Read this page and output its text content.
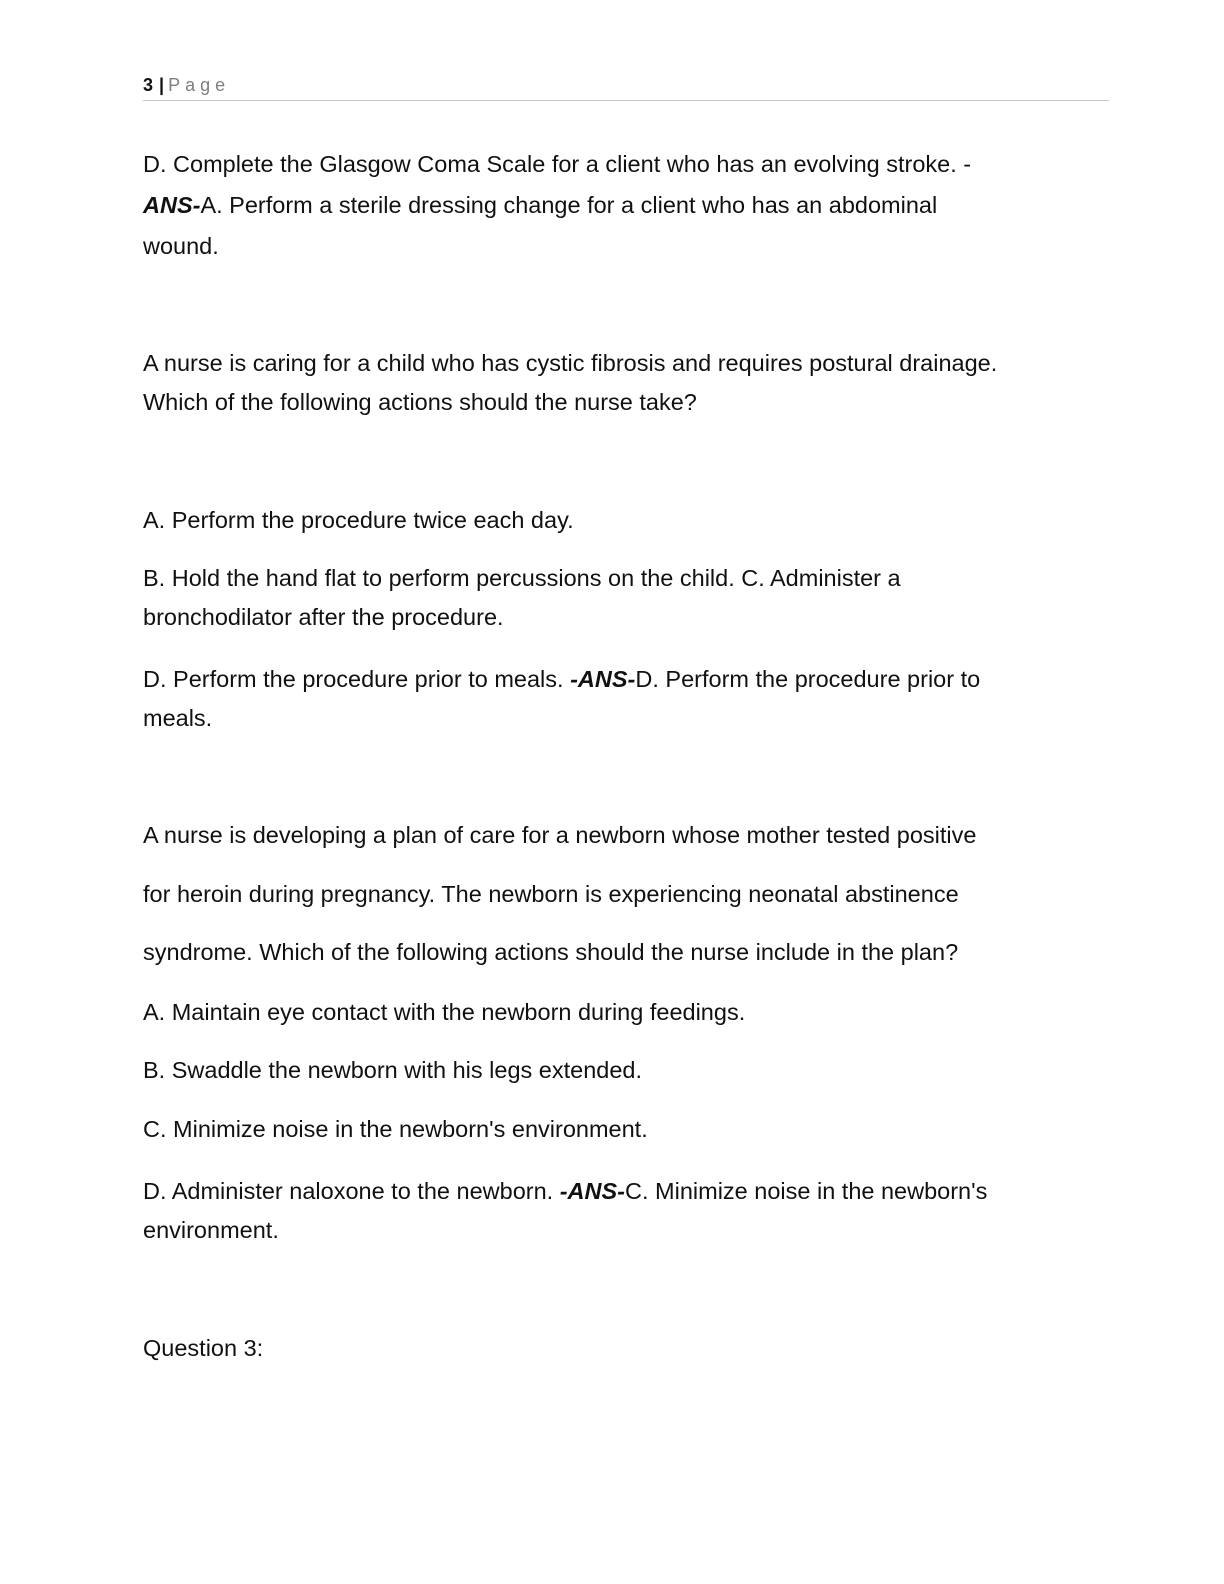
3 | Page
D. Complete the Glasgow Coma Scale for a client who has an evolving stroke. -
ANS-A. Perform a sterile dressing change for a client who has an abdominal
wound.
A nurse is caring for a child who has cystic fibrosis and requires postural drainage.
Which of the following actions should the nurse take?
A. Perform the procedure twice each day.
B. Hold the hand flat to perform percussions on the child. C. Administer a
bronchodilator after the procedure.
D. Perform the procedure prior to meals. -ANS-D. Perform the procedure prior to
meals.
A nurse is developing a plan of care for a newborn whose mother tested positive
for heroin during pregnancy. The newborn is experiencing neonatal abstinence
syndrome. Which of the following actions should the nurse include in the plan?
A. Maintain eye contact with the newborn during feedings.
B. Swaddle the newborn with his legs extended.
C. Minimize noise in the newborn's environment.
D. Administer naloxone to the newborn. -ANS-C. Minimize noise in the newborn's
environment.
Question 3:
